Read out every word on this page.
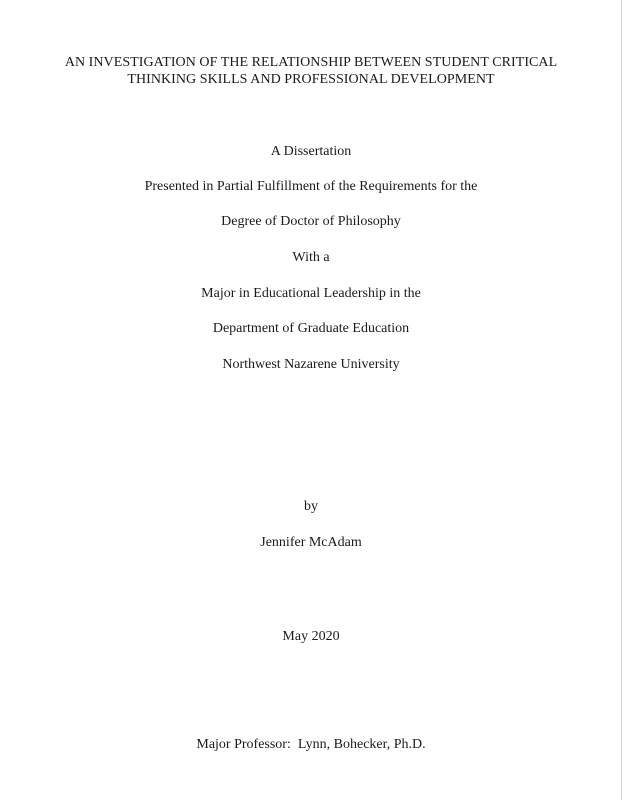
AN INVESTIGATION OF THE RELATIONSHIP BETWEEN STUDENT CRITICAL
THINKING SKILLS AND PROFESSIONAL DEVELOPMENT
A Dissertation
Presented in Partial Fulfillment of the Requirements for the
Degree of Doctor of Philosophy
With a
Major in Educational Leadership in the
Department of Graduate Education
Northwest Nazarene University
by
Jennifer McAdam
May 2020
Major Professor:  Lynn, Bohecker, Ph.D.
